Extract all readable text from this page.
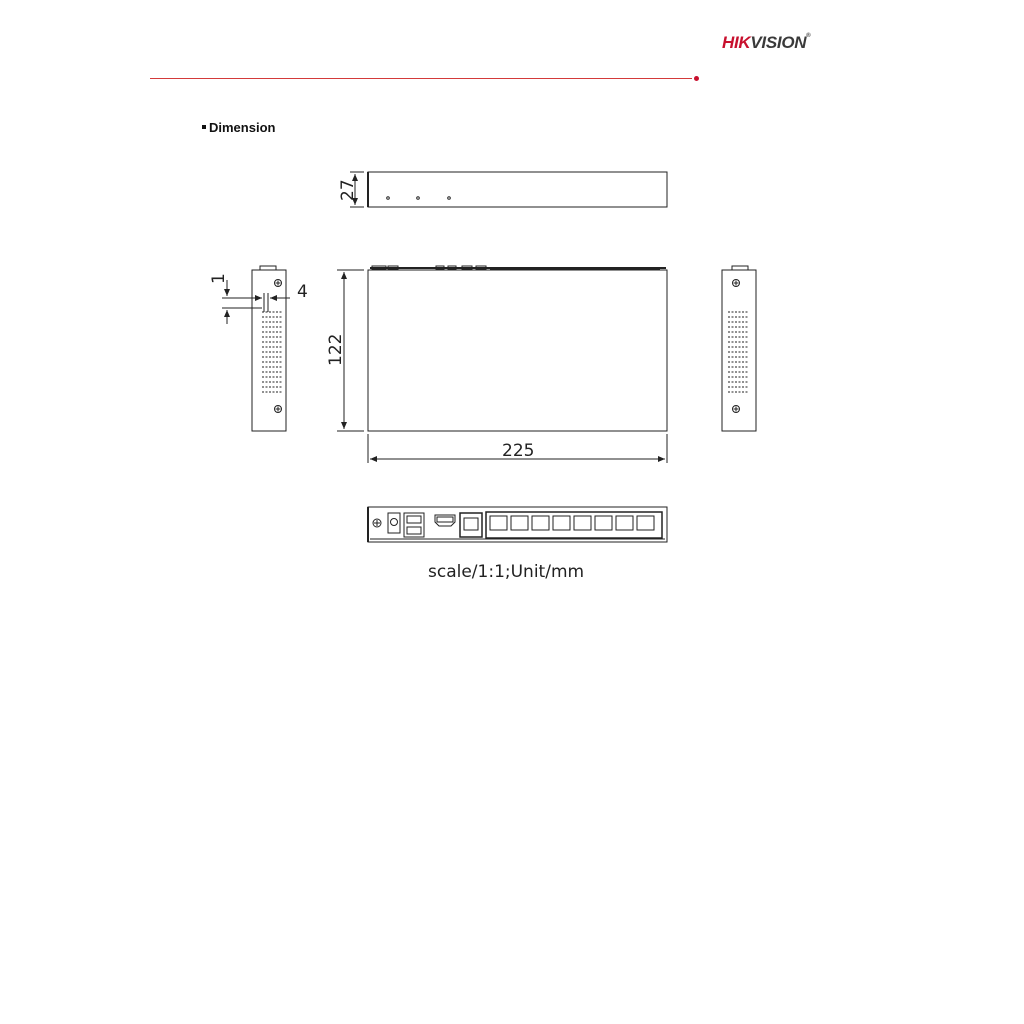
HIKVISION®
Dimension
27
122
225
1
4
scale/1:1;Unit/mm
